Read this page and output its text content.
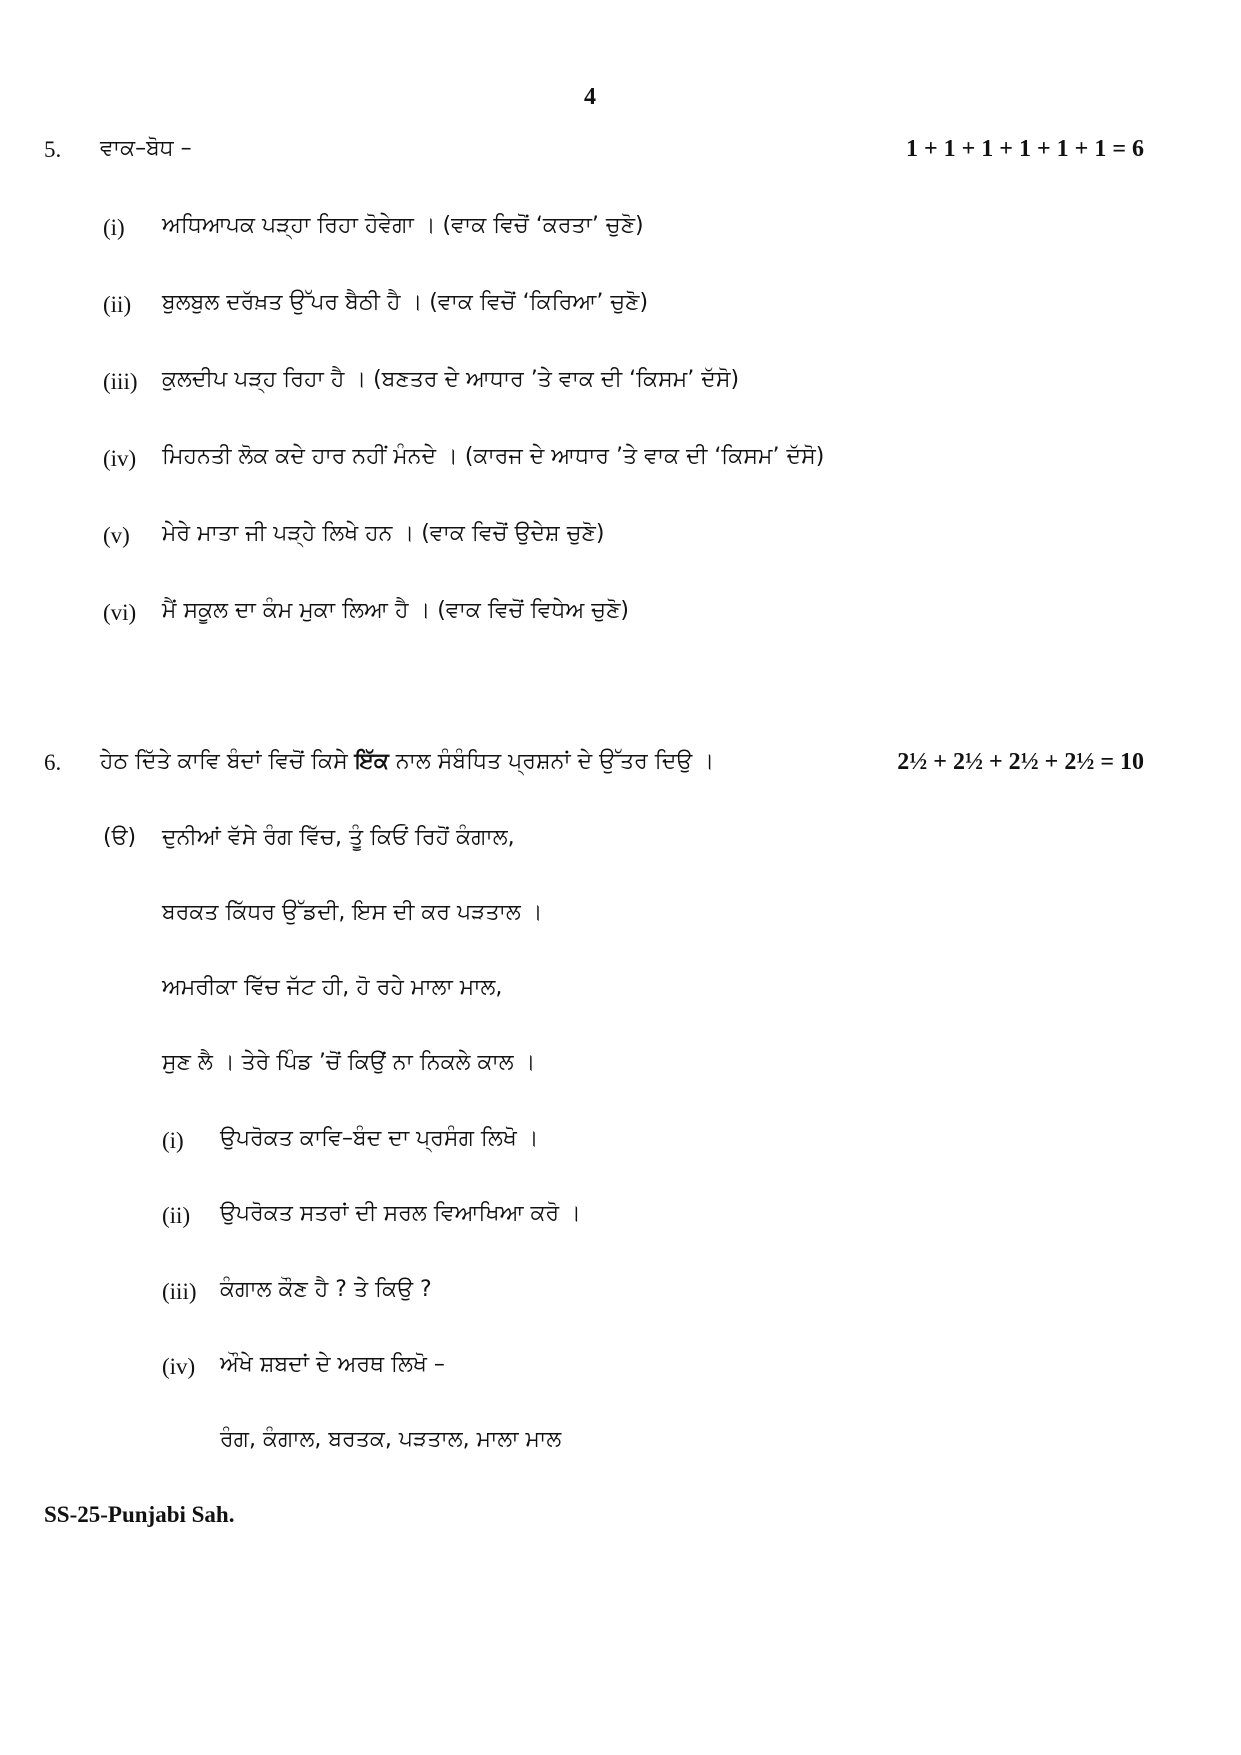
4
5. ਵਾਕ–ਬੋਧ –	1 + 1 + 1 + 1 + 1 + 1 = 6
(i) ਅਧਿਆਪਕ ਪੜ੍ਹਾ ਰਿਹਾ ਹੋਵੇਗਾ । (ਵਾਕ ਵਿਚੋਂ ‘ਕਰਤਾ’ ਚੁਣੋ)
(ii) ਬੁਲਬੁਲ ਦਰੱਖ਼ਤ ਉੱਪਰ ਬੈਠੀ ਹੈ । (ਵਾਕ ਵਿਚੋਂ ‘ਕਿਰਿਆ’ ਚੁਣੋ)
(iii) ਕੁਲਦੀਪ ਪੜ੍ਹ ਰਿਹਾ ਹੈ । (ਬਣਤਰ ਦੇ ਆਧਾਰ ’ਤੇ ਵਾਕ ਦੀ ‘ਕਿਸਮ’ ਦੱਸੋ)
(iv) ਮਿਹਨਤੀ ਲੋਕ ਕਦੇ ਹਾਰ ਨਹੀਂ ਮੰਨਦੇ । (ਕਾਰਜ ਦੇ ਆਧਾਰ ’ਤੇ ਵਾਕ ਦੀ ‘ਕਿਸਮ’ ਦੱਸੋ)
(v) ਮੇਰੇ ਮਾਤਾ ਜੀ ਪੜ੍ਹੇ ਲਿਖੇ ਹਨ । (ਵਾਕ ਵਿਚੋਂ ਉਦੇਸ਼ ਚੁਣੋ)
(vi) ਮੈਂ ਸਕੂਲ ਦਾ ਕੰਮ ਮੁਕਾ ਲਿਆ ਹੈ । (ਵਾਕ ਵਿਚੋਂ ਵਿਧੇਅ ਚੁਣੋ)
6. ਹੇਠ ਦਿੱਤੇ ਕਾਵਿ ਬੰਦਾਂ ਵਿਚੋਂ ਕਿਸੇ ਇੱਕ ਨਾਲ ਸੰਬੰਧਿਤ ਪ੍ਰਸ਼ਨਾਂ ਦੇ ਉੱਤਰ ਦਿਉ ।	2½ + 2½ + 2½ + 2½ = 10
(ੳ) ਦੁਨੀਆਂ ਵੱਸੇ ਰੰਗ ਵਿੱਚ, ਤੂੰ ਕਿਓਂ ਰਿਹੋਂ ਕੰਗਾਲ,
ਬਰਕਤ ਕਿੱਧਰ ਉੱਡਦੀ, ਇਸ ਦੀ ਕਰ ਪੜਤਾਲ ।
ਅਮਰੀਕਾ ਵਿੱਚ ਜੱਟ ਹੀ, ਹੋ ਰਹੇ ਮਾਲਾ ਮਾਲ,
ਸੁਣ ਲੈ । ਤੇਰੇ ਪਿੰਡ ’ਚੋਂ ਕਿਉਂ ਨਾ ਨਿਕਲੇ ਕਾਲ ।
(i) ਉਪਰੋਕਤ ਕਾਵਿ–ਬੰਦ ਦਾ ਪ੍ਰਸੰਗ ਲਿਖੋ ।
(ii) ਉਪਰੋਕਤ ਸਤਰਾਂ ਦੀ ਸਰਲ ਵਿਆਖਿਆ ਕਰੋ ।
(iii) ਕੰਗਾਲ ਕੌਣ ਹੈ ? ਤੇ ਕਿਉ ?
(iv) ਔਖੇ ਸ਼ਬਦਾਂ ਦੇ ਅਰਥ ਲਿਖੋ –
ਰੰਗ, ਕੰਗਾਲ, ਬਰਤਕ, ਪੜਤਾਲ, ਮਾਲਾ ਮਾਲ
SS-25-Punjabi Sah.
